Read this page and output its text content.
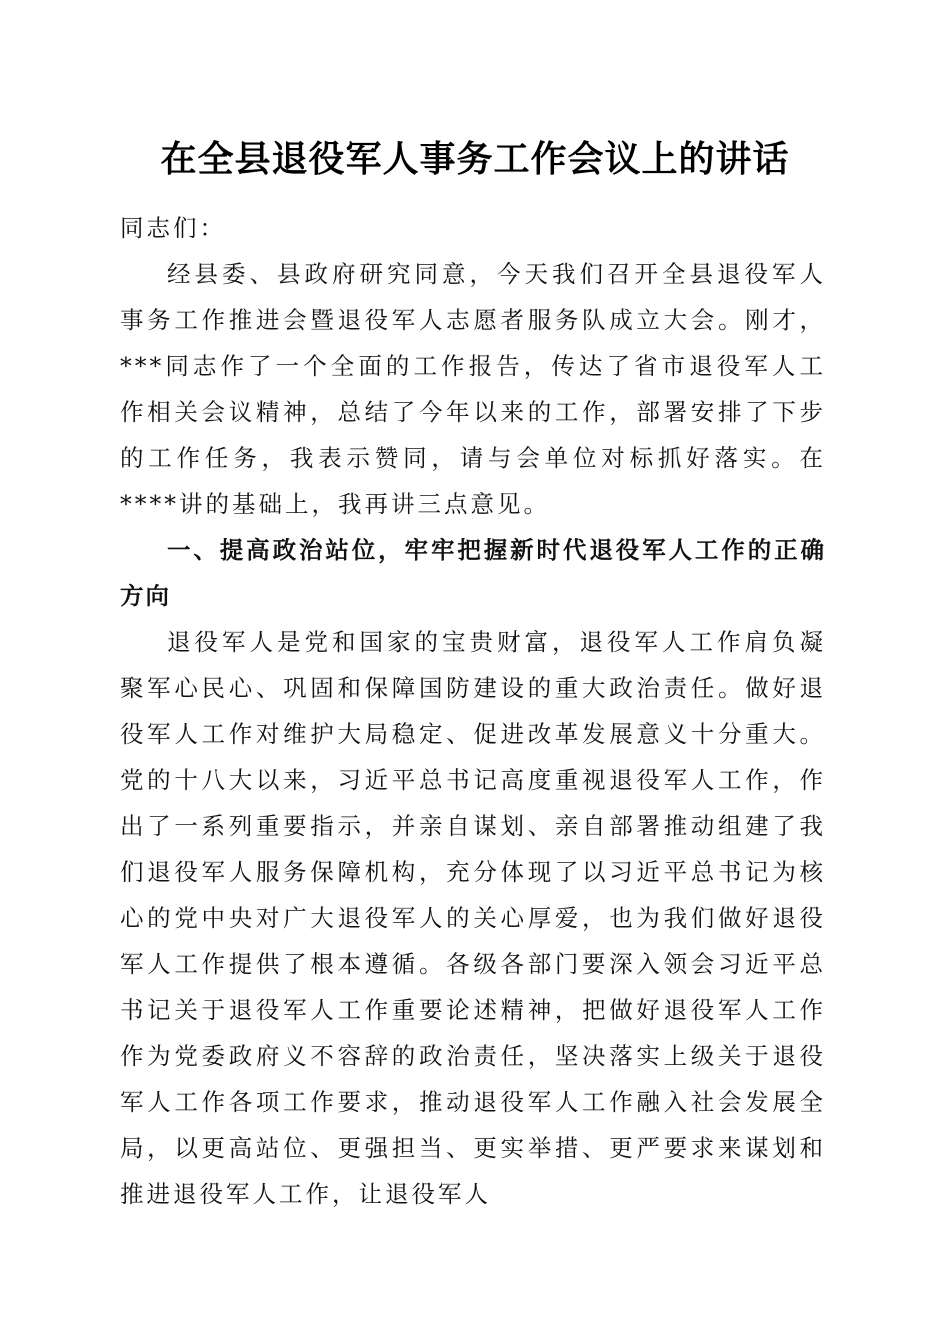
在全县退役军人事务工作会议上的讲话

同志们：

经县委、县政府研究同意，今天我们召开全县退役军人事务工作推进会暨退役军人志愿者服务队成立大会。刚才，***同志作了一个全面的工作报告，传达了省市退役军人工作相关会议精神，总结了今年以来的工作，部署安排了下步的工作任务，我表示赞同，请与会单位对标抓好落实。在****讲的基础上，我再讲三点意见。

一、提高政治站位，牢牢把握新时代退役军人工作的正确方向

退役军人是党和国家的宝贵财富，退役军人工作肩负凝聚军心民心、巩固和保障国防建设的重大政治责任。做好退役军人工作对维护大局稳定、促进改革发展意义十分重大。党的十八大以来，习近平总书记高度重视退役军人工作，作出了一系列重要指示，并亲自谋划、亲自部署推动组建了我们退役军人服务保障机构，充分体现了以习近平总书记为核心的党中央对广大退役军人的关心厚爱，也为我们做好退役军人工作提供了根本遵循。各级各部门要深入领会习近平总书记关于退役军人工作重要论述精神，把做好退役军人工作作为党委政府义不容辞的政治责任，坚决落实上级关于退役军人工作各项工作要求，推动退役军人工作融入社会发展全局，以更高站位、更强担当、更实举措、更严要求来谋划和推进退役军人工作，让退役军人
